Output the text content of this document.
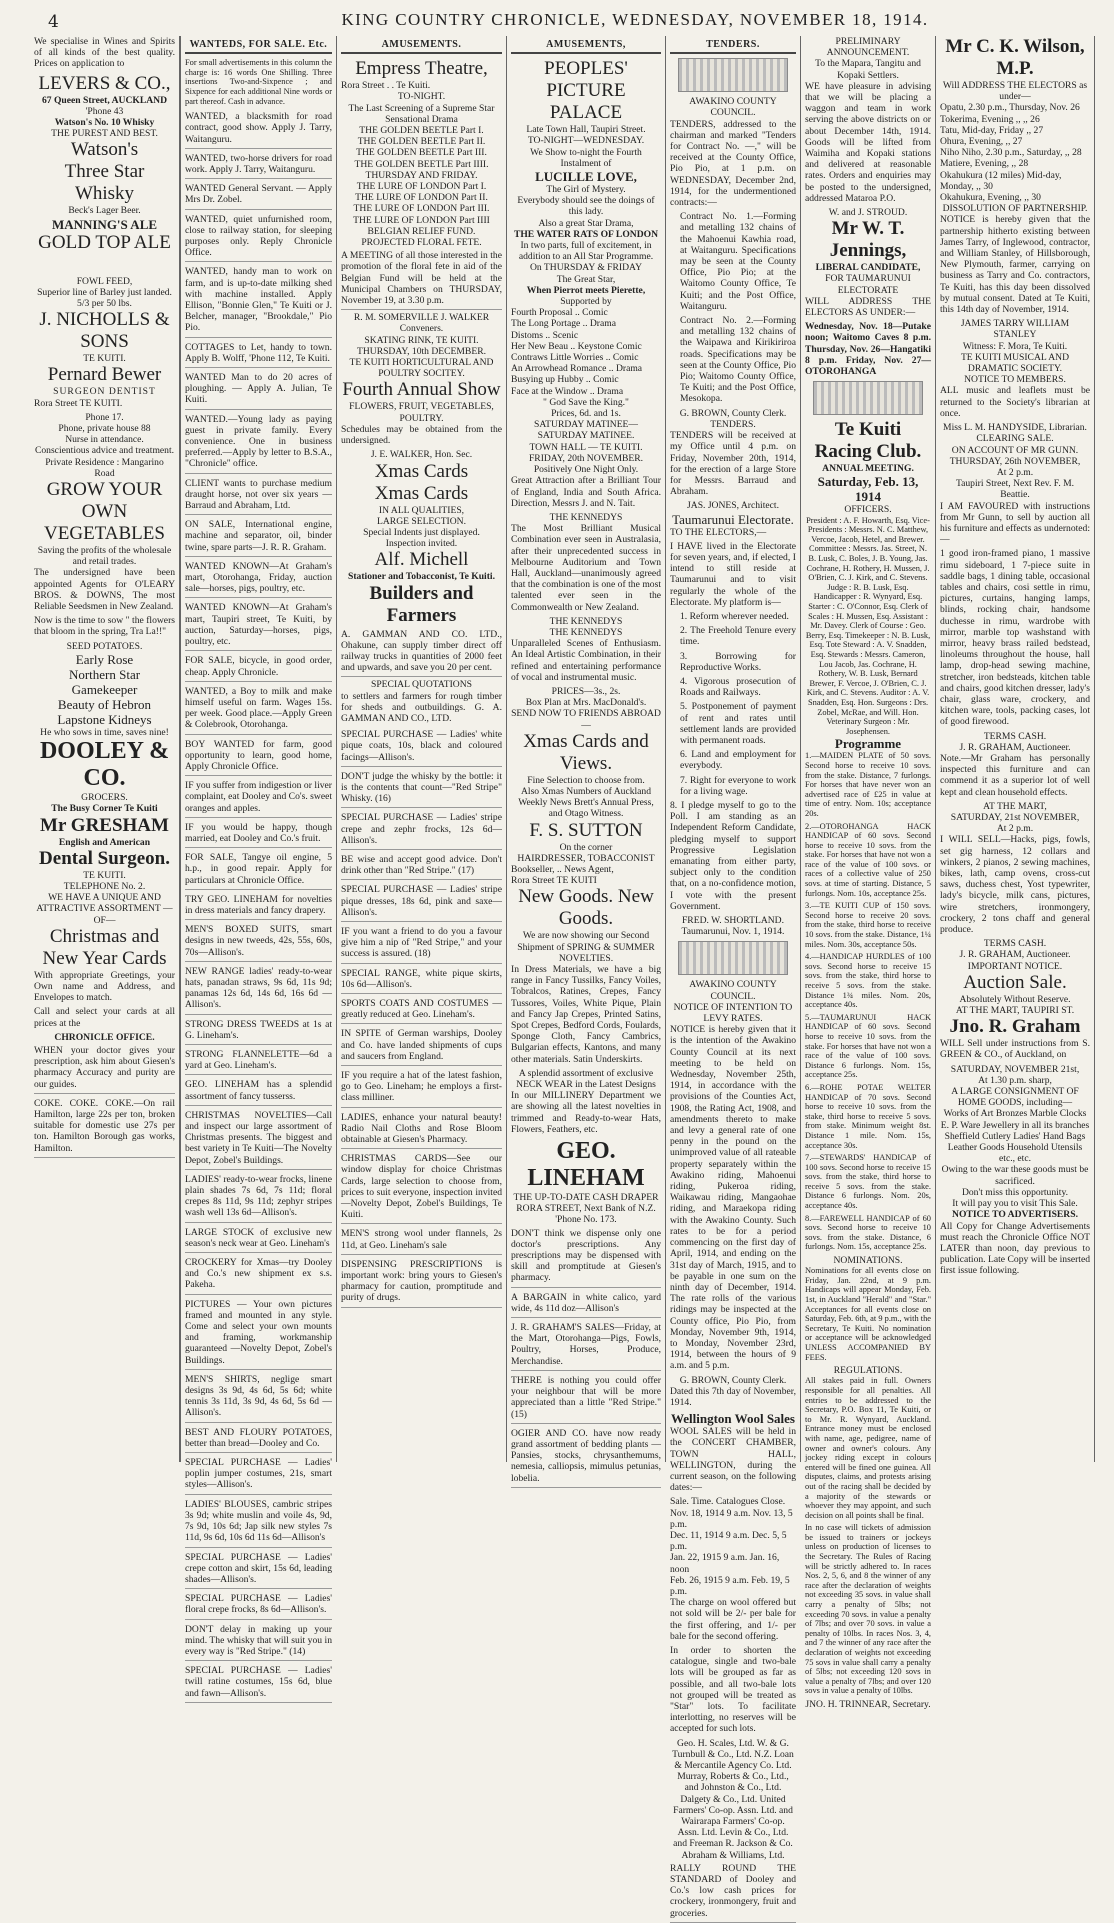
4	KING COUNTRY CHRONICLE, WEDNESDAY, NOVEMBER 18, 1914.
We specialise in Wines and Spirits of all kinds of the best quality. Prices on application to
LEVERS & CO.,
67 Queen Street, AUCKLAND
'Phone 43
Watson's No. 10 Whisky
THE PUREST AND BEST.
Watson's
Three Star Whisky
Beck's Lager Beer.
MANNING'S ALE
GOLD TOP ALE
FOWL FEED,
Superior line of Barley just landed. 5/3 per 50 lbs.
J. NICHOLLS & SONS
TE KUITI.
Pernard Bewer
SURGEON DENTIST
Rora Street TE KUITI.
Phone 17.
Phone, private house 88
Nurse in attendance.
Conscientious advice and treatment.
Private Residence : Mangarino Road
GROW YOUR OWN VEGETABLES
Saving the profits of the wholesale and retail trades.
The undersigned have been appointed Agents for O'LEARY BROS. & DOWNS, The most Reliable Seedsmen in New Zealand.
Now is the time to sow " the flowers that bloom in the spring, Tra La!!"
SEED POTATOES.
Early Rose
Northern Star
Gamekeeper
Beauty of Hebron
Lapstone Kidneys
He who sows in time, saves nine!
DOOLEY & CO.
GROCERS.
The Busy Corner Te Kuiti
Mr GRESHAM
English and American
Dental Surgeon.
TE KUITI.
TELEPHONE No. 2.
WE HAVE A UNIQUE AND ATTRACTIVE ASSORTMENT —OF—
Christmas and New Year Cards
With appropriate Greetings, your Own name and Address, and Envelopes to match.
Call and select your cards at all prices at the
CHRONICLE OFFICE.
WHEN your doctor gives your prescription, ask him about Giesen's pharmacy Accuracy and purity are our guides.
COKE. COKE. COKE.—On rail Hamilton, large 22s per ton, broken suitable for domestic use 27s per ton. Hamilton Borough gas works, Hamilton.
WANTEDS, FOR SALE. Etc.
For small advertisements in this column the charge is: 16 words One Shilling. Three insertions Two-and-Sixpence ; and Sixpence for each additional Nine words or part thereof. Cash in advance.
WANTED, a blacksmith for road contract, good show. Apply J. Tarry, Waitanguru.
WANTED, two-horse drivers for road work. Apply J. Tarry, Waitanguru.
WANTED General Servant. — Apply Mrs Dr. Zobel.
WANTED, quiet unfurnished room, close to railway station, for sleeping purposes only. Reply Chronicle Office.
WANTED, handy man to work on farm, and is up-to-date milking shed with machine installed. Apply Ellison, "Bonnie Glen," Te Kuiti or J. Belcher, manager, "Brookdale," Pio Pio.
COTTAGES to Let, handy to town. Apply B. Wolff, 'Phone 112, Te Kuiti.
WANTED Man to do 20 acres of ploughing. — Apply A. Julian, Te Kuiti.
WANTED.—Young lady as paying guest in private family. Every convenience. One in business preferred.—Apply by letter to B.S.A., "Chronicle" office.
CLIENT wants to purchase medium draught horse, not over six years —Barraud and Abraham, Ltd.
ON SALE, International engine, machine and separator, oil, binder twine, spare parts—J. R. R. Graham.
WANTED KNOWN—At Graham's mart, Otorohanga, Friday, auction sale—horses, pigs, poultry, etc.
WANTED KNOWN—At Graham's mart, Taupiri street, Te Kuiti, by auction, Saturday—horses, pigs, poultry, etc.
FOR SALE, bicycle, in good order, cheap. Apply Chronicle.
WANTED, a Boy to milk and make himself useful on farm. Wages 15s. per week. Good place.—Apply Green & Colebrook, Otorohanga.
BOY WANTED for farm, good opportunity to learn, good home, Apply Chronicle Office.
IF you suffer from indigestion or liver complaint, eat Dooley and Co's. sweet oranges and apples.
IF you would be happy, though married, eat Dooley and Co.'s fruit.
FOR SALE, Tangye oil engine, 5 h.p., in good repair. Apply for particulars at Chronicle Office.
TRY GEO. LINEHAM for novelties in dress materials and fancy drapery.
MEN'S BOXED SUITS, smart designs in new tweeds, 42s, 55s, 60s, 70s—Allison's.
NEW RANGE ladies' ready-to-wear hats, panadan straws, 9s 6d, 11s 9d; panamas 12s 6d, 14s 6d, 16s 6d —Allison's.
STRONG DRESS TWEEDS at 1s at G. Lineham's.
STRONG FLANNELETTE—6d a yard at Geo. Lineham's.
GEO. LINEHAM has a splendid assortment of fancy tusserss.
CHRISTMAS NOVELTIES—Call and inspect our large assortment of Christmas presents. The biggest and best variety in Te Kuiti—The Novelty Depot, Zobel's Buildings.
LADIES' ready-to-wear frocks, linene plain shades 7s 6d, 7s 11d; floral crepes 8s 11d, 9s 11d; zephyr stripes wash well 13s 6d—Allison's.
LARGE STOCK of exclusive new season's neck wear at Geo. Lineham's
CROCKERY for Xmas—try Dooley and Co.'s new shipment ex s.s. Pakeha.
PICTURES — Your own pictures framed and mounted in any style. Come and select your own mounts and framing, workmanship guaranteed —Novelty Depot, Zobel's Buildings.
MEN'S SHIRTS, neglige smart designs 3s 9d, 4s 6d, 5s 6d; white tennis 3s 11d, 3s 9d, 4s 6d, 5s 6d —Allison's.
BEST AND FLOURY POTATOES, better than bread—Dooley and Co.
SPECIAL PURCHASE — Ladies' poplin jumper costumes, 21s, smart styles—Allison's.
LADIES' BLOUSES, cambric stripes 3s 9d; white muslin and voile 4s, 9d, 7s 9d, 10s 6d; Jap silk new styles 7s 11d, 9s 6d, 10s 6d 11s 6d—Allison's
SPECIAL PURCHASE — Ladies' crepe cotton and skirt, 15s 6d, leading shades—Allison's.
SPECIAL PURCHASE — Ladies' floral crepe frocks, 8s 6d—Allison's.
DON'T delay in making up your mind. The whisky that will suit you in every way is "Red Stripe." (14)
SPECIAL PURCHASE — Ladies' twill ratine costumes, 15s 6d, blue and fawn—Allison's.
AMUSEMENTS.
Empress Theatre,
Rora Street . . Te Kuiti.
TO-NIGHT.
The Last Screening of a Supreme Star Sensational Drama
THE GOLDEN BEETLE Part I.
THE GOLDEN BEETLE Part II.
THE GOLDEN BEETLE Part III.
THE GOLDEN BEETLE Part IIII.
THURSDAY AND FRIDAY.
THE LURE OF LONDON Part I.
THE LURE OF LONDON Part II.
THE LURE OF LONDON Part III.
THE LURE OF LONDON Part IIII
BELGIAN RELIEF FUND.
PROJECTED FLORAL FETE.
A MEETING of all those interested in the promotion of the floral fete in aid of the Belgian Fund will be held at the Municipal Chambers on THURSDAY, November 19, at 3.30 p.m.
R. M. SOMERVILLE J. WALKER Conveners.
SKATING RINK, TE KUITI.
THURSDAY, 10th DECEMBER.
TE KUITI HORTICULTURAL AND POULTRY SOCITEY.
Fourth Annual Show
FLOWERS, FRUIT, VEGETABLES, POULTRY.
Schedules may be obtained from the undersigned.
J. E. WALKER, Hon. Sec.
Xmas Cards
Xmas Cards
IN ALL QUALITIES,
LARGE SELECTION.
Special Indents just displayed.
Inspection invited.
Alf. Michell
Stationer and Tobacconist, Te Kuiti.
Builders and Farmers
A. GAMMAN AND CO. LTD., Ohakune, can supply timber direct off railway trucks in quantities of 2000 feet and upwards, and save you 20 per cent.
SPECIAL QUOTATIONS
to settlers and farmers for rough timber for sheds and outbuildings. G. A. GAMMAN AND CO., LTD.
SPECIAL PURCHASE — Ladies' white pique coats, 10s, black and coloured facings—Allison's.
DON'T judge the whisky by the bottle: it is the contents that count—"Red Stripe" Whisky. (16)
SPECIAL PURCHASE — Ladies' stripe crepe and zephr frocks, 12s 6d—Allison's.
BE wise and accept good advice. Don't drink other than "Red Stripe." (17)
SPECIAL PURCHASE — Ladies' stripe pique dresses, 18s 6d, pink and saxe—Allison's.
IF you want a friend to do you a favour give him a nip of "Red Stripe," and your success is assured. (18)
SPECIAL RANGE, white pique skirts, 10s 6d—Allison's.
SPORTS COATS AND COSTUMES —greatly reduced at Geo. Lineham's.
IN SPITE of German warships, Dooley and Co. have landed shipments of cups and saucers from England.
IF you require a hat of the latest fashion, go to Geo. Lineham; he employs a first-class milliner.
LADIES, enhance your natural beauty! Radio Nail Cloths and Rose Bloom obtainable at Giesen's Pharmacy.
CHRISTMAS CARDS—See our window display for choice Christmas Cards, large selection to choose from, prices to suit everyone, inspection invited—Novelty Depot, Zobel's Buildings, Te Kuiti.
MEN'S strong wool under flannels, 2s 11d, at Geo. Lineham's sale
DISPENSING PRESCRIPTIONS is important work: bring yours to Giesen's pharmacy for caution, promptitude and purity of drugs.
AMUSEMENTS,
PEOPLES' PICTURE PALACE
Late Town Hall, Taupiri Street.
TO-NIGHT—WEDNESDAY.
We Show to-night the Fourth Instalment of
LUCILLE LOVE,
The Girl of Mystery.
Everybody should see the doings of this lady.
Also a great Star Drama,
THE WATER RATS OF LONDON
In two parts, full of excitement, in addition to an All Star Programme.
On THURSDAY & FRIDAY
The Great Star,
When Pierrot meets Pierette,
Supported by
Fourth Proposal .. Comic
The Long Portage .. Drama
Distoms .. Scenic
Her New Beau .. Keystone Comic
Contraws Little Worries .. Comic
An Arrowhead Romance .. Drama
Busying up Hubby .. Comic
Face at the Window .. Drama
" God Save the King."
Prices, 6d. and 1s.
SATURDAY MATINEE—SATURDAY MATINEE.
TOWN HALL — TE KUITI.
FRIDAY, 20th NOVEMBER.
Positively One Night Only.
Great Attraction after a Brilliant Tour of England, India and South Africa. Direction, Messrs J. and N. Tait.
THE KENNEDYS
The Most Brilliant Musical Combination ever seen in Australasia, after their unprecedented success in Melbourne Auditorium and Town Hall, Auckland—unanimously agreed that the combination is one of the most talented ever seen in the Commonwealth or New Zealand.
THE KENNEDYS
THE KENNEDYS
Unparalleled Scenes of Enthusiasm. An Ideal Artistic Combination, in their refined and entertaining performance of vocal and instrumental music.
PRICES—3s., 2s.
Box Plan at Mrs. MacDonald's.
SEND NOW TO FRIENDS ABROAD—
Xmas Cards and Views.
Fine Selection to choose from.
Also Xmas Numbers of Auckland Weekly News Brett's Annual Press, and Otago Witness.
F. S. SUTTON
On the corner
HAIRDRESSER, TOBACCONIST
Bookseller, .. News Agent,
Rora Street TE KUITI
New Goods. New Goods.
We are now showing our Second Shipment of SPRING & SUMMER NOVELTIES.
In Dress Materials, we have a big range in Fancy Tussilks, Fancy Voiles, Tobralcos, Ratines, Crepes, Fancy Tussores, Voiles, White Pique, Plain and Fancy Jap Crepes, Printed Satins, Spot Crepes, Bedford Cords, Foulards, Sponge Cloth, Fancy Cambrics, Bulgarian effects, Kantons, and many other materials. Satin Underskirts.
A splendid assortment of exclusive NECK WEAR in the Latest Designs
In our MILLINERY Department we are showing all the latest novelties in trimmed and Ready-to-wear Hats, Flowers, Feathers, etc.
GEO. LINEHAM
THE UP-TO-DATE CASH DRAPER
RORA STREET, Next Bank of N.Z.
'Phone No. 173.
DON'T think we dispense only one doctor's prescriptions. Any prescriptions may be dispensed with skill and promptitude at Giesen's pharmacy.
A BARGAIN in white calico, yard wide, 4s 11d doz—Allison's
J. R. GRAHAM'S SALES—Friday, at the Mart, Otorohanga—Pigs, Fowls, Poultry, Horses, Produce, Merchandise.
THERE is nothing you could offer your neighbour that will be more appreciated than a little "Red Stripe." (15)
OGIER AND CO. have now ready grand assortment of bedding plants —Pansies, stocks, chrysanthemums, nemesia, calliopsis, mimulus petunias, lobelia.
TENDERS.
AWAKINO COUNTY COUNCIL.
TENDERS, addressed to the chairman and marked "Tenders for Contract No. —," will be received at the County Office, Pio Pio, at 1 p.m. on WEDNESDAY, December 2nd, 1914, for the undermentioned contracts:—
Contract No. 1.—Forming and metalling 132 chains of the Mahoenui Kawhia road, at Waitanguru. Specifications may be seen at the County Office, Pio Pio; at the Waitomo County Office, Te Kuiti; and the Post Office, Waitanguru.
Contract No. 2.—Forming and metalling 132 chains of the Waipawa and Kirikiriroa roads. Specifications may be seen at the County Office, Pio Pio; Waitomo County Office, Te Kuiti; and the Post Office, Mesokopa.
G. BROWN, County Clerk.
TENDERS.
TENDERS will be received at my Office until 4 p.m. on Friday, November 20th, 1914, for the erection of a large Store for Messrs. Barraud and Abraham.
JAS. JONES, Architect.
Taumarunui Electorate.
TO THE ELECTORS,—
I HAVE lived in the Electorate for seven years, and, if elected, I intend to still reside at Taumarunui and to visit regularly the whole of the Electorate. My platform is—
1. Reform wherever needed.
2. The Freehold Tenure every time.
3. Borrowing for Reproductive Works.
4. Vigorous prosecution of Roads and Railways.
5. Postponement of payment of rent and rates until settlement lands are provided with permanent roads.
6. Land and employment for everybody.
7. Right for everyone to work for a living wage.
8. I pledge myself to go to the Poll. I am standing as an Independent Reform Candidate, pledging myself to support Progressive Legislation emanating from either party, subject only to the condition that, on a no-confidence motion, I vote with the present Government.
FRED. W. SHORTLAND.
Taumarunui, Nov. 1, 1914.
AWAKINO COUNTY COUNCIL.
NOTICE OF INTENTION TO LEVY RATES.
NOTICE is hereby given that it is the intention of the Awakino County Council at its next meeting to be held on Wednesday, November 25th, 1914, in accordance with the provisions of the Counties Act, 1908, the Rating Act, 1908, and amendments thereto to make and levy a general rate of one penny in the pound on the unimproved value of all rateable property separately within the Awakino riding, Mahoenui riding, Pukeroa riding, Waikawau riding, Mangaohae riding, and Maraekopa riding with the Awakino County. Such rates to be for a period commencing on the first day of April, 1914, and ending on the 31st day of March, 1915, and to be payable in one sum on the ninth day of December, 1914. The rate rolls of the various ridings may be inspected at the County office, Pio Pio, from Monday, November 9th, 1914, to Monday, November 23rd, 1914, between the hours of 9 a.m. and 5 p.m.
G. BROWN, County Clerk.
Dated this 7th day of November, 1914.
Wellington Wool Sales
WOOL SALES will be held in the CONCERT CHAMBER, TOWN HALL, WELLINGTON, during the current season, on the following dates:—
Sale. Time. Catalogues Close.
Nov. 18, 1914 9 a.m. Nov. 13, 5 p.m.
Dec. 11, 1914 9 a.m. Dec. 5, 5 p.m.
Jan. 22, 1915 9 a.m. Jan. 16, noon
Feb. 26, 1915 9 a.m. Feb. 19, 5 p.m.
The charge on wool offered but not sold will be 2/- per bale for the first offering, and 1/- per bale for the second offering.
In order to shorten the catalogue, single and two-bale lots will be grouped as far as possible, and all two-bale lots not grouped will be treated as "Star" lots. To facilitate interlotting, no reserves will be accepted for such lots.
Geo. H. Scales, Ltd. W. & G. Turnbull & Co., Ltd. N.Z. Loan & Mercantile Agency Co. Ltd. Murray, Roberts & Co., Ltd., and Johnston & Co., Ltd. Dalgety & Co., Ltd. United Farmers' Co-op. Assn. Ltd. and Wairarapa Farmers' Co-op. Assn. Ltd. Levin & Co., Ltd. and Freeman R. Jackson & Co. Abraham & Williams, Ltd.
RALLY ROUND THE STANDARD of Dooley and Co.'s low cash prices for crockery, ironmongery, fruit and groceries.
PRELIMINARY ANNOUNCEMENT.
To the Mapara, Tangitu and Kopaki Settlers.
WE have pleasure in advising that we will be placing a waggon and team in work serving the above districts on or about December 14th, 1914. Goods will be lifted from Waimiha and Kopaki stations and delivered at reasonable rates. Orders and enquiries may be posted to the undersigned, addressed Mataroa P.O.
W. and J. STROUD.
Mr W. T. Jennings,
LIBERAL CANDIDATE,
FOR TAUMARUNUI ELECTORATE
WILL ADDRESS THE ELECTORS AS UNDER:—
Wednesday, Nov. 18—Putake noon; Waitomo Caves 8 p.m. Thursday, Nov. 26—Hangatiki 8 p.m. Friday, Nov. 27—OTOROHANGA
Te Kuiti Racing Club.
ANNUAL MEETING.
Saturday, Feb. 13, 1914
OFFICERS.
President : A. F. Howarth, Esq. Vice-Presidents : Messrs. N. C. Matthew, Vercoe, Jacob, Hetel, and Brewer. Committee : Messrs. Jas. Street, N. B. Lusk, C. Boles, J. B. Young, Jas. Cochrane, H. Rothery, H. Mussen, J. O'Brien, C. J. Kirk, and C. Stevens. Judge : R. B. Lusk, Esq. Handicapper : R. Wynyard, Esq. Starter : C. O'Connor, Esq. Clerk of Scales : H. Mussen, Esq. Assistant : Mr. Davey. Clerk of Course : Geo. Berry, Esq. Timekeeper : N. B. Lusk, Esq. Tote Steward : A. V. Snadden, Esq. Stewards : Messrs. Cameron, Lou Jacob, Jas. Cochrane, H. Rothery, W. B. Lusk, Bernard Brewer, F. Vercoe, J. O'Brien, C. J. Kirk, and C. Stevens. Auditor : A. V. Snadden, Esq. Hon. Surgeons : Drs. Zobel, McRae, and Will. Hon. Veterinary Surgeon : Mr. Josephensen.
Programme
1.—MAIDEN PLATE of 50 sovs. Second horse to receive 10 sovs. from the stake. Distance, 7 furlongs. For horses that have never won an advertised race of £25 in value at time of entry. Nom. 10s; acceptance 20s.
2.—OTOROHANGA HACK HANDICAP of 60 sovs. Second horse to receive 10 sovs. from the stake. For horses that have not won a race of the value of 100 sovs. or races of a collective value of 250 sovs. at time of starting. Distance, 5 furlongs. Nom. 10s, acceptance 25s.
3.—TE KUITI CUP of 150 sovs. Second horse to receive 20 sovs. from the stake, third horse to receive 10 sovs. from the stake. Distance, 1¼ miles. Nom. 30s, acceptance 50s.
4.—HANDICAP HURDLES of 100 sovs. Second horse to receive 15 sovs. from the stake, third horse to receive 5 sovs. from the stake. Distance 1¾ miles. Nom. 20s, acceptance 40s.
5.—TAUMARUNUI HACK HANDICAP of 60 sovs. Second horse to receive 10 sovs. from the stake. For horses that have not won a race of the value of 100 sovs. Distance 6 furlongs. Nom. 15s, acceptance 25s.
6.—ROHE POTAE WELTER HANDICAP of 70 sovs. Second horse to receive 10 sovs. from the stake, third horse to receive 5 sovs. from stake. Minimum weight 8st. Distance 1 mile. Nom. 15s, acceptance 30s.
7.—STEWARDS' HANDICAP of 100 sovs. Second horse to receive 15 sovs. from the stake, third horse to receive 5 sovs. from the stake. Distance 6 furlongs. Nom. 20s, acceptance 40s.
8.—FAREWELL HANDICAP of 60 sovs. Second horse to receive 10 sovs. from the stake. Distance, 6 furlongs. Nom. 15s, acceptance 25s.
NOMINATIONS.
Nominations for all events close on Friday, Jan. 22nd, at 9 p.m. Handicaps will appear Monday, Feb. 1st, in Auckland "Herald" and "Star." Acceptances for all events close on Saturday, Feb. 6th, at 9 p.m., with the Secretary, Te Kuiti. No nomination or acceptance will be acknowledged UNLESS ACCOMPANIED BY FEES.
REGULATIONS.
All stakes paid in full. Owners responsible for all penalties. All entries to be addressed to the Secretary, P.O. Box 11, Te Kuiti, or to Mr. R. Wynyard, Auckland. Entrance money must be enclosed with name, age, pedigree, name of owner and owner's colours. Any jockey riding except in colours entered will be fined one guinea. All disputes, claims, and protests arising out of the racing shall be decided by a majority of the stewards or whoever they may appoint, and such decision on all points shall be final.
In no case will tickets of admission be issued to trainers or jockeys unless on production of licenses to the Secretary. The Rules of Racing will be strictly adhered to. In races Nos. 2, 5, 6, and 8 the winner of any race after the declaration of weights not exceeding 35 sovs. in value shall carry a penalty of 5lbs; not exceeding 70 sovs. in value a penalty of 7lbs; and over 70 sovs. in value a penalty of 10lbs. In races Nos. 3, 4, and 7 the winner of any race after the declaration of weights not exceeding 75 sovs in value shall carry a penalty of 5lbs; not exceeding 120 sovs in value a penalty of 7lbs; and over 120 sovs in value a penalty of 10lbs.
JNO. H. TRINNEAR, Secretary.
Mr C. K. Wilson, M.P.
Will ADDRESS THE ELECTORS as under—
Opatu, 2.30 p.m., Thursday, Nov. 26
Tokerima, Evening ,, ,, 26
Tatu, Mid-day, Friday ,, 27
Ohura, Evening, ,, 27
Niho Niho, 2.30 p.m., Saturday, ,, 28
Matiere, Evening, ,, 28
Okahukura (12 miles) Mid-day, Monday, ,, 30
Okahukura, Evening, ,, 30
DISSOLUTION OF PARTNERSHIP.
NOTICE is hereby given that the partnership hitherto existing between James Tarry, of Inglewood, contractor, and William Stanley, of Hillsborough, New Plymouth, farmer, carrying on business as Tarry and Co. contractors, Te Kuiti, has this day been dissolved by mutual consent. Dated at Te Kuiti, this 14th day of November, 1914.
JAMES TARRY WILLIAM STANLEY
Witness: F. Mora, Te Kuiti.
TE KUITI MUSICAL AND DRAMATIC SOCIETY.
NOTICE TO MEMBERS.
ALL music and leaflets must be returned to the Society's librarian at once.
Miss L. M. HANDYSIDE, Librarian.
CLEARING SALE.
ON ACCOUNT OF MR GUNN.
THURSDAY, 26th NOVEMBER,
At 2 p.m.
Taupiri Street, Next Rev. F. M. Beattie.
I AM FAVOURED with instructions from Mr Gunn, to sell by auction all his furniture and effects as undernoted:—
1 good iron-framed piano, 1 massive rimu sideboard, 1 7-piece suite in saddle bags, 1 dining table, occasional tables and chairs, cosi settle in rimu, pictures, curtains, hanging lamps, blinds, rocking chair, handsome duchesse in rimu, wardrobe with mirror, marble top washstand with mirror, heavy brass railed bedstead, linoleums throughout the house, hall lamp, drop-head sewing machine, stretcher, iron bedsteads, kitchen table and chairs, good kitchen dresser, lady's chair, glass ware, crockery, and kitchen ware, tools, packing cases, lot of good firewood.
TERMS CASH.
J. R. GRAHAM, Auctioneer.
Note.—Mr Graham has personally inspected this furniture and can commend it as a superior lot of well kept and clean household effects.
AT THE MART,
SATURDAY, 21st NOVEMBER,
At 2 p.m.
I WILL SELL—Hacks, pigs, fowls, set gig harness, 12 collars and winkers, 2 pianos, 2 sewing machines, bikes, lath, camp ovens, cross-cut saws, duchess chest, Yost typewriter, lady's bicycle, milk cans, pictures, wire stretchers, ironmongery, crockery, 2 tons chaff and general produce.
TERMS CASH.
J. R. GRAHAM, Auctioneer.
IMPORTANT NOTICE.
Auction Sale.
Absolutely Without Reserve.
AT THE MART, TAUPIRI ST.
Jno. R. Graham
WILL Sell under instructions from S. GREEN & CO., of Auckland, on
SATURDAY, NOVEMBER 21st,
At 1.30 p.m. sharp,
A LARGE CONSIGNMENT OF HOME GOODS, including—
Works of Art Bronzes Marble Clocks E. P. Ware Jewellery in all its branches Sheffield Cutlery Ladies' Hand Bags Leather Goods Household Utensils etc., etc.
Owing to the war these goods must be sacrificed.
Don't miss this opportunity.
It will pay you to visit This Sale.
NOTICE TO ADVERTISERS.
All Copy for Change Advertisements must reach the Chronicle Office NOT LATER than noon, day previous to publication. Late Copy will be inserted first issue following.
